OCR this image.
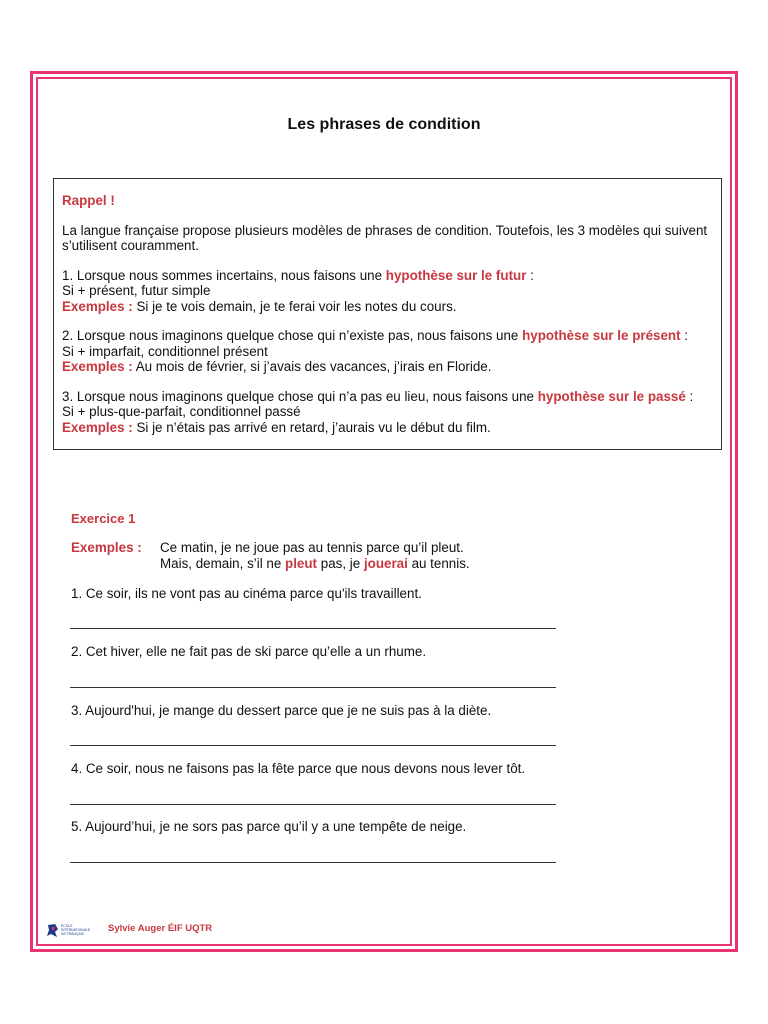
Les phrases de condition
Rappel !
La langue française propose plusieurs modèles de phrases de condition. Toutefois, les 3 modèles qui suivent s’utilisent couramment.
1. Lorsque nous sommes incertains, nous faisons une hypothèse sur le futur :
Si + présent, futur simple
Exemples : Si je te vois demain, je te ferai voir les notes du cours.
2. Lorsque nous imaginons quelque chose qui n’existe pas, nous faisons une hypothèse sur le présent :
Si + imparfait, conditionnel présent
Exemples : Au mois de février, si j’avais des vacances, j’irais en Floride.
3. Lorsque nous imaginons quelque chose qui n’a pas eu lieu, nous faisons une hypothèse sur le passé :
Si + plus-que-parfait, conditionnel passé
Exemples : Si je n’étais pas arrivé en retard, j’aurais vu le début du film.
Exercice 1
Exemples :	Ce matin, je ne joue pas au tennis parce qu’il pleut.
Mais, demain, s’il ne pleut pas, je jouerai au tennis.
1. Ce soir, ils ne vont pas au cinéma parce qu'ils travaillent.
2. Cet hiver, elle ne fait pas de ski parce qu’elle a un rhume.
3. Aujourd'hui, je mange du dessert parce que je ne suis pas à la diète.
4. Ce soir, nous ne faisons pas la fête parce que nous devons nous lever tôt.
5. Aujourd’hui, je ne sors pas parce qu’il y a une tempête de neige.
ÉCOLE
INTERNATIONALE
DE FRANÇAIS	Sylvie Auger ÉIF UQTR
